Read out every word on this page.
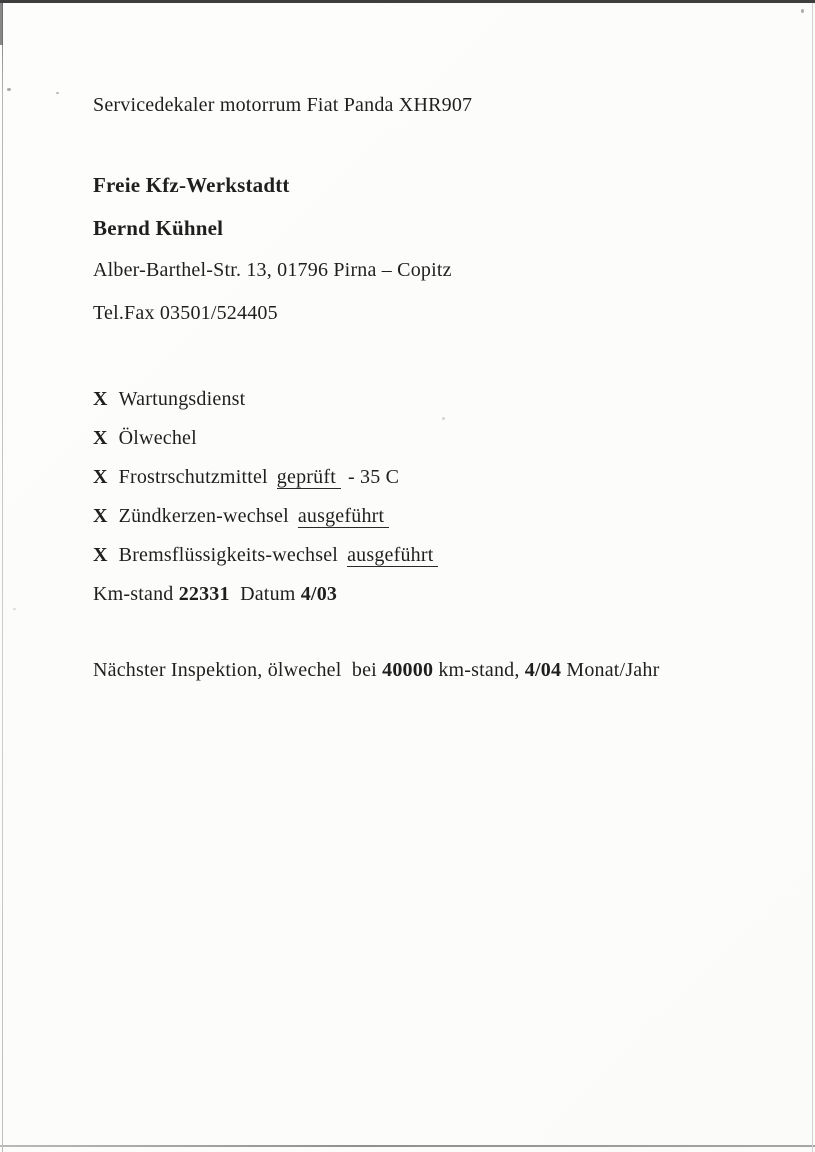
Servicedekaler motorrum Fiat Panda XHR907
Freie Kfz-Werkstadtt
Bernd Kühnel
Alber-Barthel-Str. 13, 01796 Pirna – Copitz
Tel.Fax 03501/524405
X Wartungsdienst
X Ölwechel
X Frostrschutzmittel geprüft - 35 C
X Zündkerzen-wechsel ausgeführt
X Bremsflüssigkeits-wechsel ausgeführt
Km-stand 22331  Datum 4/03
Nächster Inspektion, ölwechel  bei 40000 km-stand, 4/04 Monat/Jahr
